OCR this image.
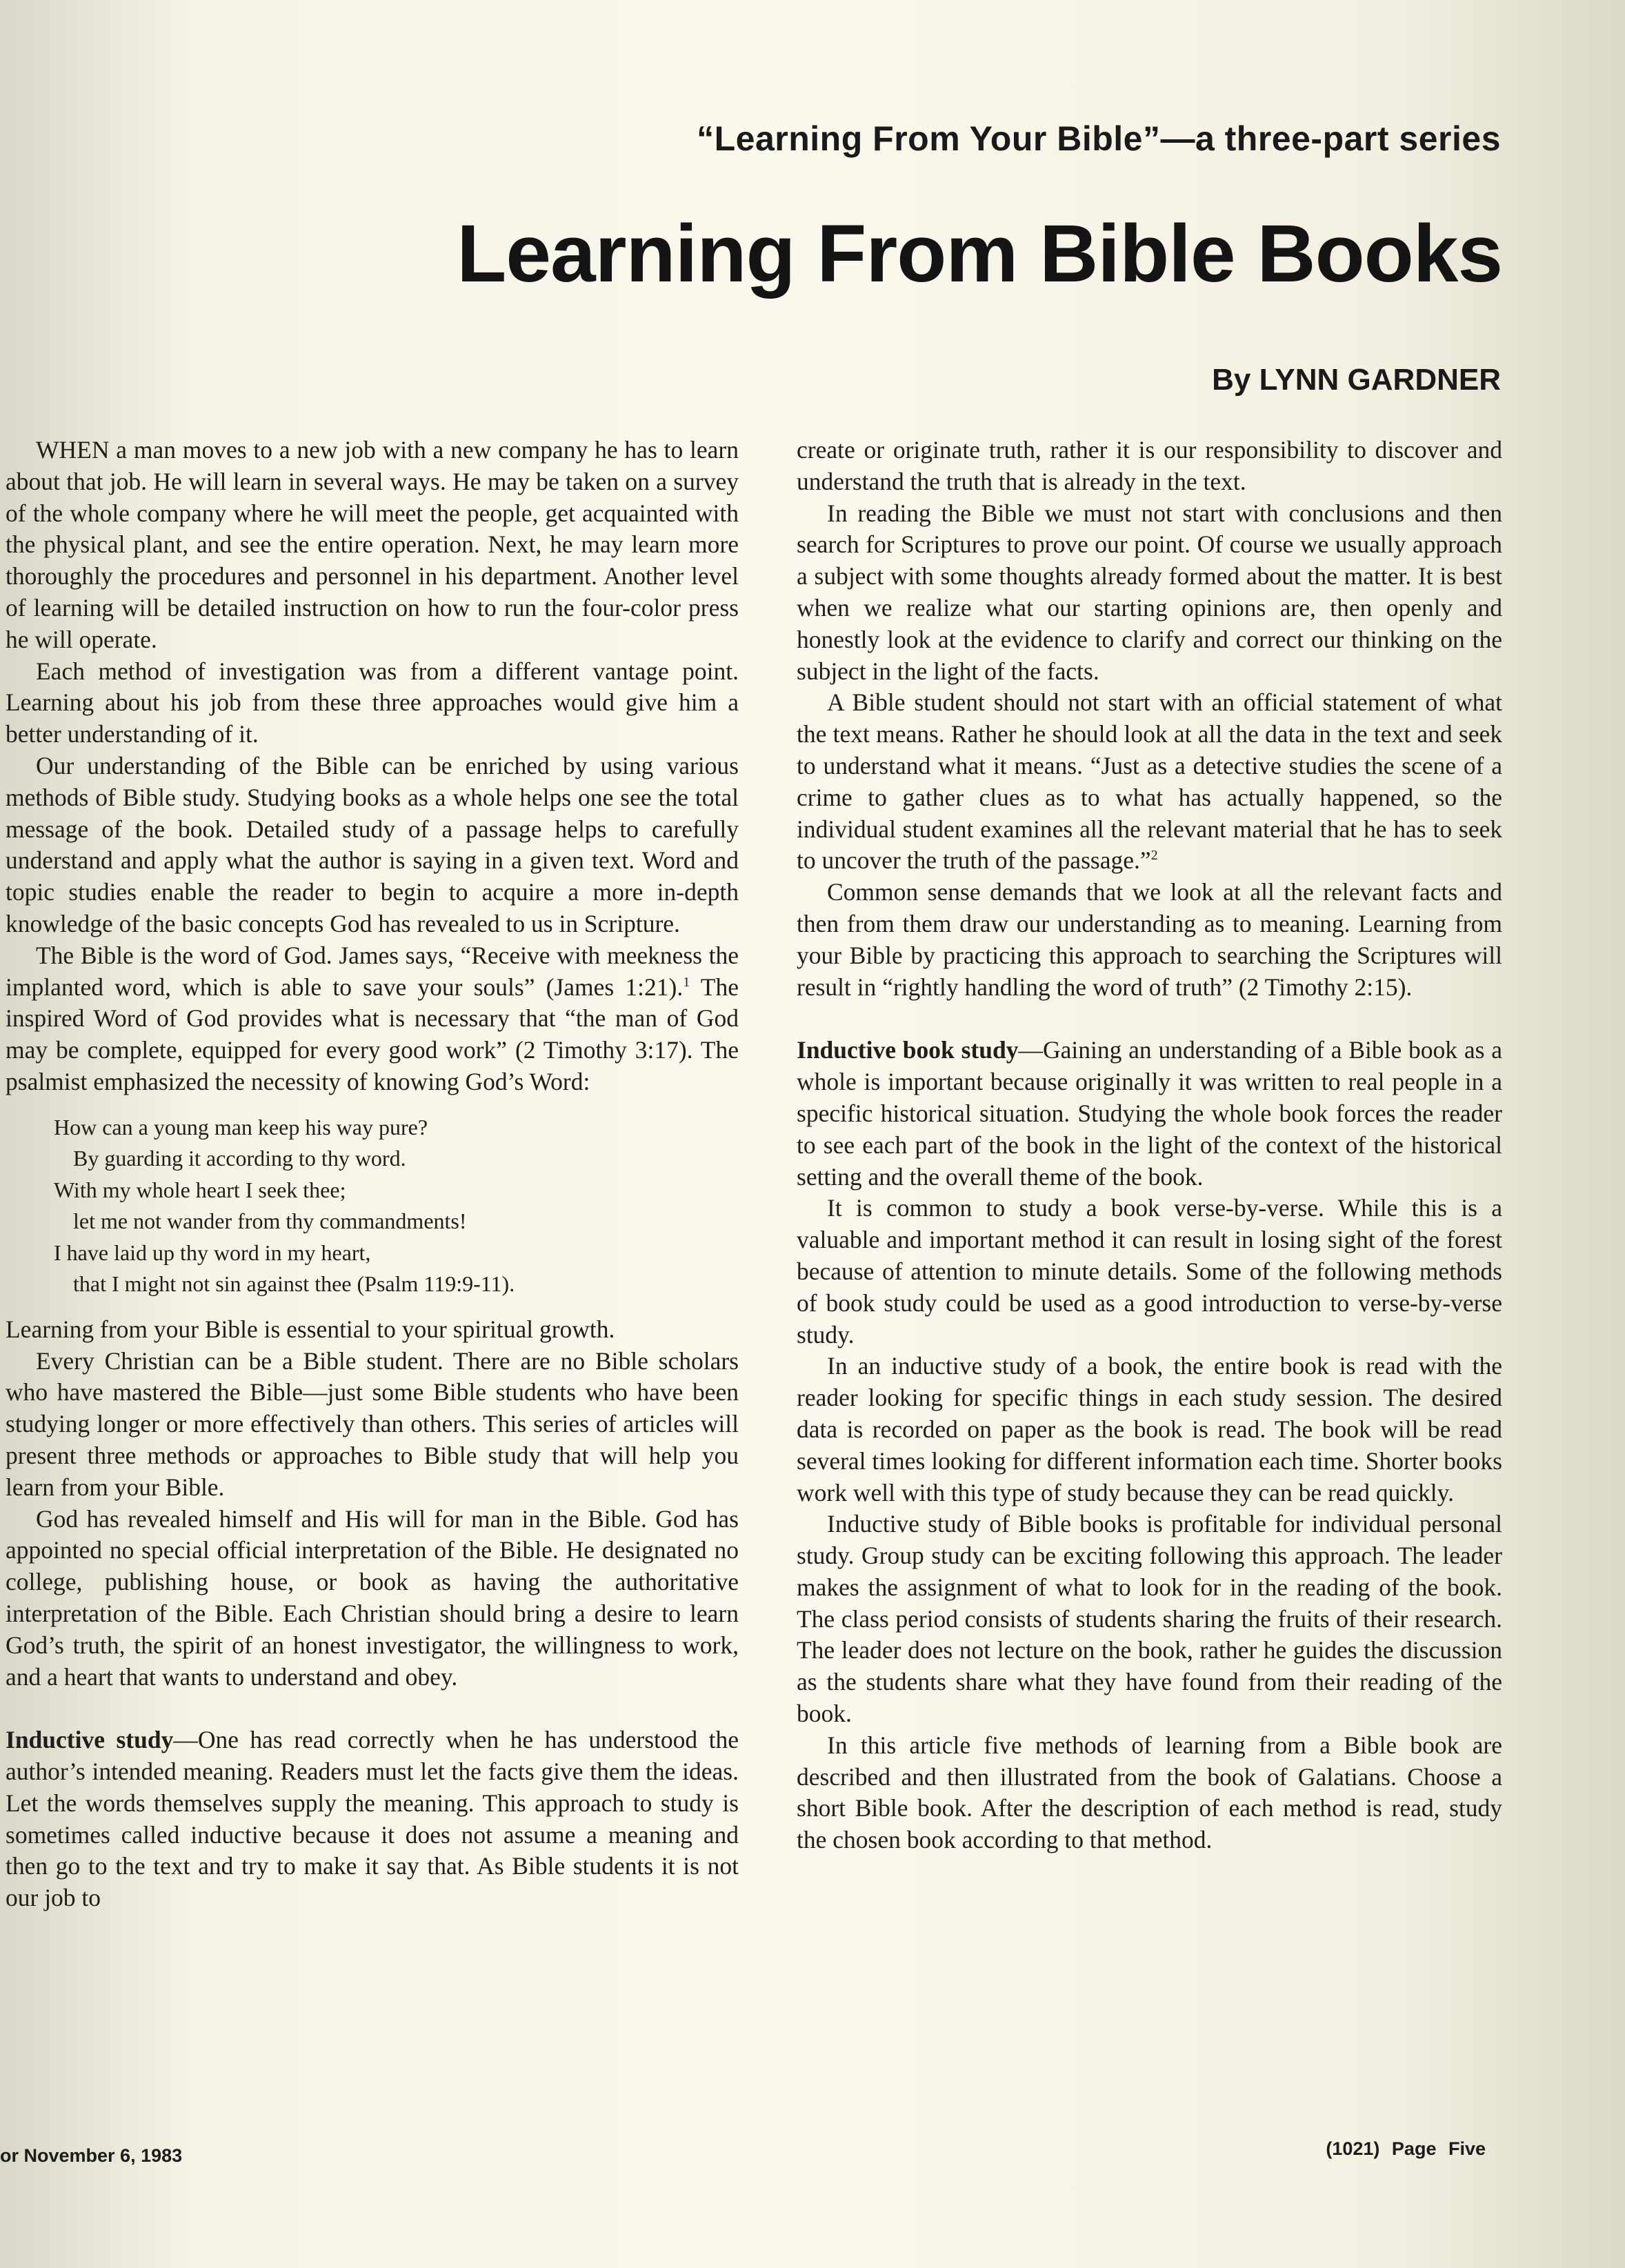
“Learning From Your Bible”—a three-part series
Learning From Bible Books
By LYNN GARDNER

WHEN a man moves to a new job with a new company he has to learn about that job. He will learn in several ways. He may be taken on a survey of the whole company where he will meet the people, get acquainted with the physical plant, and see the entire operation. Next, he may learn more thoroughly the procedures and personnel in his department. Another level of learning will be detailed instruction on how to run the four-color press he will operate.

Each method of investigation was from a different vantage point. Learning about his job from these three approaches would give him a better understanding of it.

Our understanding of the Bible can be enriched by using various methods of Bible study. Studying books as a whole helps one see the total message of the book. Detailed study of a passage helps to carefully understand and apply what the author is saying in a given text. Word and topic studies enable the reader to begin to acquire a more in-depth knowledge of the basic concepts God has revealed to us in Scripture.

The Bible is the word of God. James says, “Receive with meekness the implanted word, which is able to save your souls” (James 1:21).$^1$ The inspired Word of God provides what is necessary that “the man of God may be complete, equipped for every good work” (2 Timothy 3:17). The psalmist emphasized the necessity of knowing God’s Word:

How can a young man keep his way pure?
By guarding it according to thy word.
With my whole heart I seek thee;
let me not wander from thy commandments!
I have laid up thy word in my heart,
that I might not sin against thee (Psalm 119:9-11).

Learning from your Bible is essential to your spiritual growth.

Every Christian can be a Bible student. There are no Bible scholars who have mastered the Bible—just some Bible students who have been studying longer or more effectively than others. This series of articles will present three methods or approaches to Bible study that will help you learn from your Bible.

God has revealed himself and His will for man in the Bible. God has appointed no special official interpretation of the Bible. He designated no college, publishing house, or book as having the authoritative interpretation of the Bible. Each Christian should bring a desire to learn God’s truth, the spirit of an honest investigator, the willingness to work, and a heart that wants to understand and obey.

Inductive study—One has read correctly when he has understood the author’s intended meaning. Readers must let the facts give them the ideas. Let the words themselves supply the meaning. This approach to study is sometimes called inductive because it does not assume a meaning and then go to the text and try to make it say that. As Bible students it is not our job to

create or originate truth, rather it is our responsibility to discover and understand the truth that is already in the text.

In reading the Bible we must not start with conclusions and then search for Scriptures to prove our point. Of course we usually approach a subject with some thoughts already formed about the matter. It is best when we realize what our starting opinions are, then openly and honestly look at the evidence to clarify and correct our thinking on the subject in the light of the facts.

A Bible student should not start with an official statement of what the text means. Rather he should look at all the data in the text and seek to understand what it means. “Just as a detective studies the scene of a crime to gather clues as to what has actually happened, so the individual student examines all the relevant material that he has to seek to uncover the truth of the passage.”$^2$

Common sense demands that we look at all the relevant facts and then from them draw our understanding as to meaning. Learning from your Bible by practicing this approach to searching the Scriptures will result in “rightly handling the word of truth” (2 Timothy 2:15).

Inductive book study—Gaining an understanding of a Bible book as a whole is important because originally it was written to real people in a specific historical situation. Studying the whole book forces the reader to see each part of the book in the light of the context of the historical setting and the overall theme of the book.

It is common to study a book verse-by-verse. While this is a valuable and important method it can result in losing sight of the forest because of attention to minute details. Some of the following methods of book study could be used as a good introduction to verse-by-verse study.

In an inductive study of a book, the entire book is read with the reader looking for specific things in each study session. The desired data is recorded on paper as the book is read. The book will be read several times looking for different information each time. Shorter books work well with this type of study because they can be read quickly.

Inductive study of Bible books is profitable for individual personal study. Group study can be exciting following this approach. The leader makes the assignment of what to look for in the reading of the book. The class period consists of students sharing the fruits of their research. The leader does not lecture on the book, rather he guides the discussion as the students share what they have found from their reading of the book.

In this article five methods of learning from a Bible book are described and then illustrated from the book of Galatians. Choose a short Bible book. After the description of each method is read, study the chosen book according to that method.

or November 6, 1983	(1021) Page Five
